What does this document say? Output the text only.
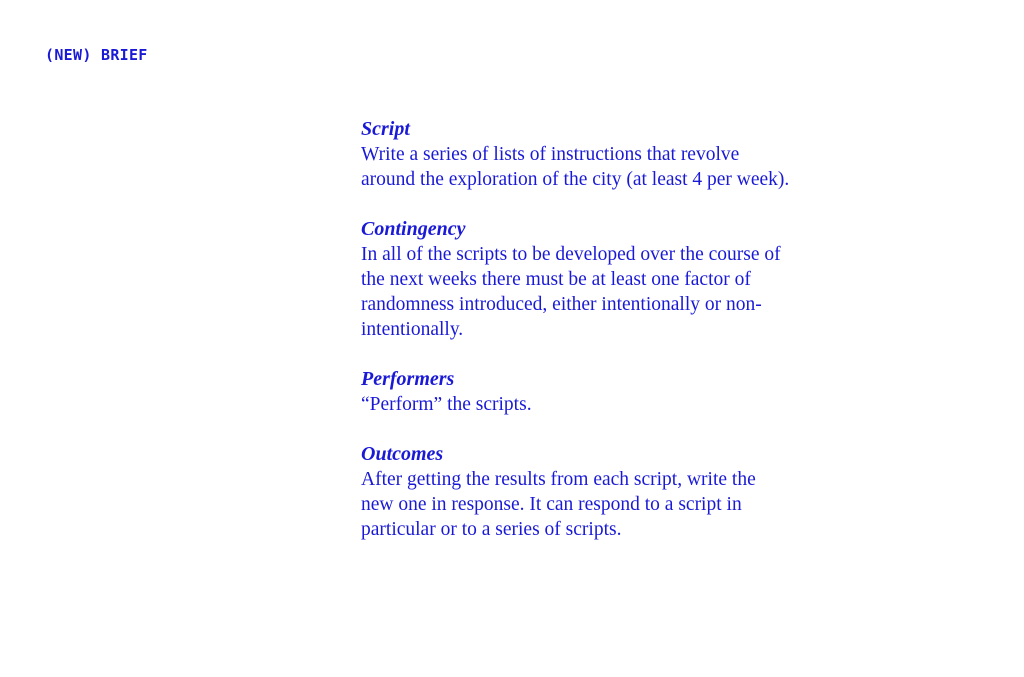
(NEW) BRIEF

Script

Write a series of lists of instructions that revolve around the exploration of the city (at least 4 per week).

Contingency

In all of the scripts to be developed over the course of the next weeks there must be at least one factor of randomness introduced, either intentionally or non-intentionally.

Performers

“Perform” the scripts.

Outcomes

After getting the results from each script, write the new one in response. It can respond to a script in particular or to a series of scripts.
